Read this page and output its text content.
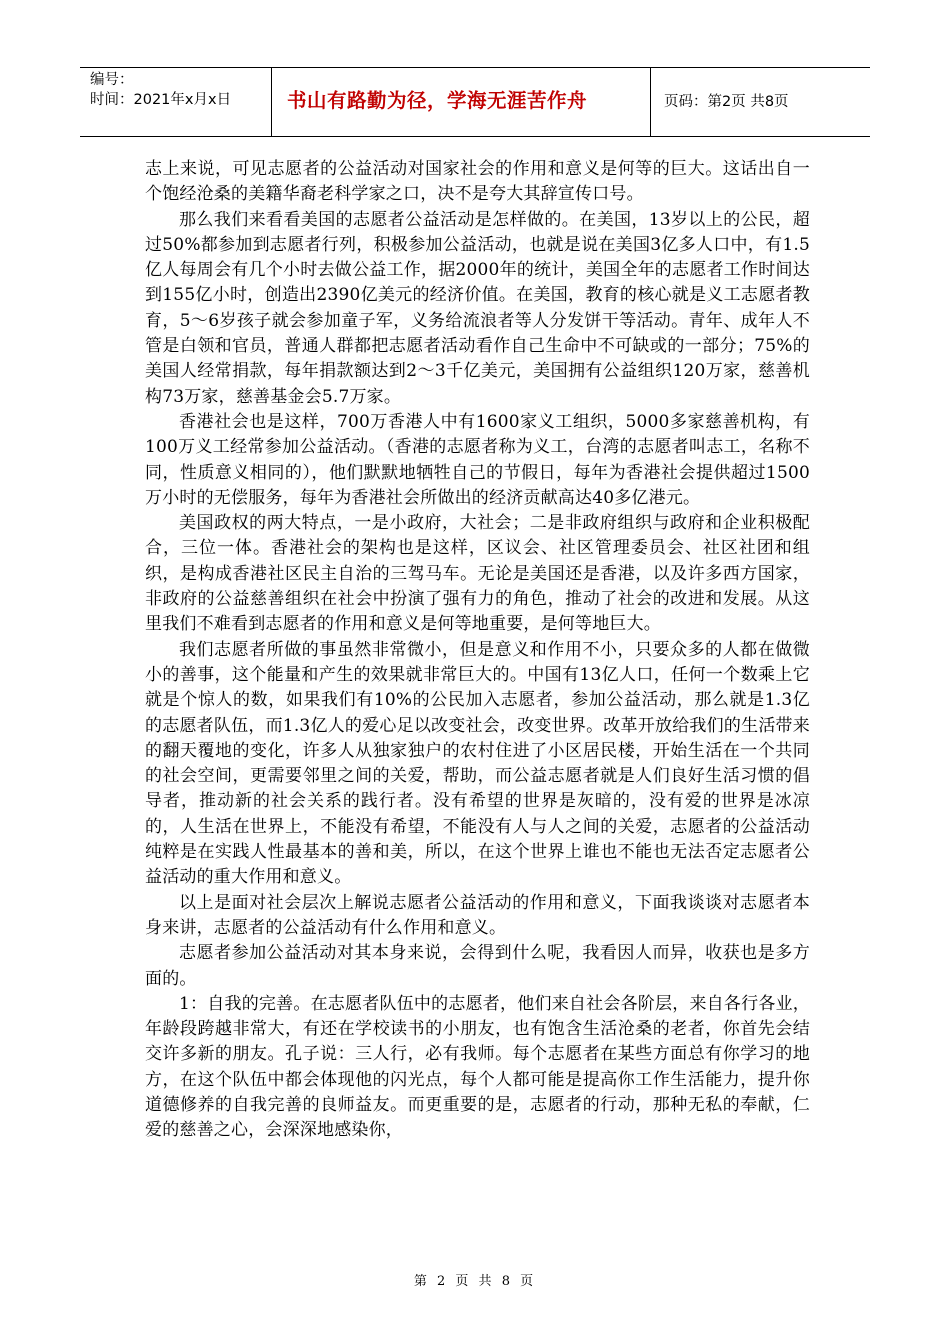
编号：
时间：2021年x月x日	书山有路勤为径，学海无涯苦作舟	页码：第2页 共8页

志上来说，可见志愿者的公益活动对国家社会的作用和意义是何等的巨大。这话出自一个饱经沧桑的美籍华裔老科学家之口，决不是夸大其辞宣传口号。

那么我们来看看美国的志愿者公益活动是怎样做的。在美国，13岁以上的公民，超过50%都参加到志愿者行列，积极参加公益活动，也就是说在美国3亿多人口中，有1.5亿人每周会有几个小时去做公益工作，据2000年的统计，美国全年的志愿者工作时间达到155亿小时，创造出2390亿美元的经济价值。在美国，教育的核心就是义工志愿者教育，5～6岁孩子就会参加童子军，义务给流浪者等人分发饼干等活动。青年、成年人不管是白领和官员，普通人群都把志愿者活动看作自己生命中不可缺或的一部分；75%的美国人经常捐款，每年捐款额达到2～3千亿美元，美国拥有公益组织120万家，慈善机构73万家，慈善基金会5.7万家。

香港社会也是这样，700万香港人中有1600家义工组织，5000多家慈善机构，有100万义工经常参加公益活动。（香港的志愿者称为义工，台湾的志愿者叫志工，名称不同，性质意义相同的），他们默默地牺牲自己的节假日，每年为香港社会提供超过1500万小时的无偿服务，每年为香港社会所做出的经济贡献高达40多亿港元。

美国政权的两大特点，一是小政府，大社会；二是非政府组织与政府和企业积极配合，三位一体。香港社会的架构也是这样，区议会、社区管理委员会、社区社团和组织，是构成香港社区民主自治的三驾马车。无论是美国还是香港，以及许多西方国家，非政府的公益慈善组织在社会中扮演了强有力的角色，推动了社会的改进和发展。从这里我们不难看到志愿者的作用和意义是何等地重要，是何等地巨大。

我们志愿者所做的事虽然非常微小，但是意义和作用不小，只要众多的人都在做微小的善事，这个能量和产生的效果就非常巨大的。中国有13亿人口，任何一个数乘上它就是个惊人的数，如果我们有10%的公民加入志愿者，参加公益活动，那么就是1.3亿的志愿者队伍，而1.3亿人的爱心足以改变社会，改变世界。改革开放给我们的生活带来的翻天覆地的变化，许多人从独家独户的农村住进了小区居民楼，开始生活在一个共同的社会空间，更需要邻里之间的关爱，帮助，而公益志愿者就是人们良好生活习惯的倡导者，推动新的社会关系的践行者。没有希望的世界是灰暗的，没有爱的世界是冰凉的，人生活在世界上，不能没有希望，不能没有人与人之间的关爱，志愿者的公益活动纯粹是在实践人性最基本的善和美，所以，在这个世界上谁也不能也无法否定志愿者公益活动的重大作用和意义。

以上是面对社会层次上解说志愿者公益活动的作用和意义，下面我谈谈对志愿者本身来讲，志愿者的公益活动有什么作用和意义。

志愿者参加公益活动对其本身来说，会得到什么呢，我看因人而异，收获也是多方面的。

1：自我的完善。在志愿者队伍中的志愿者，他们来自社会各阶层，来自各行各业，年龄段跨越非常大，有还在学校读书的小朋友，也有饱含生活沧桑的老者，你首先会结交许多新的朋友。孔子说：三人行，必有我师。每个志愿者在某些方面总有你学习的地方，在这个队伍中都会体现他的闪光点，每个人都可能是提高你工作生活能力，提升你道德修养的自我完善的良师益友。而更重要的是，志愿者的行动，那种无私的奉献，仁爱的慈善之心，会深深地感染你，

第 2 页 共 8 页
